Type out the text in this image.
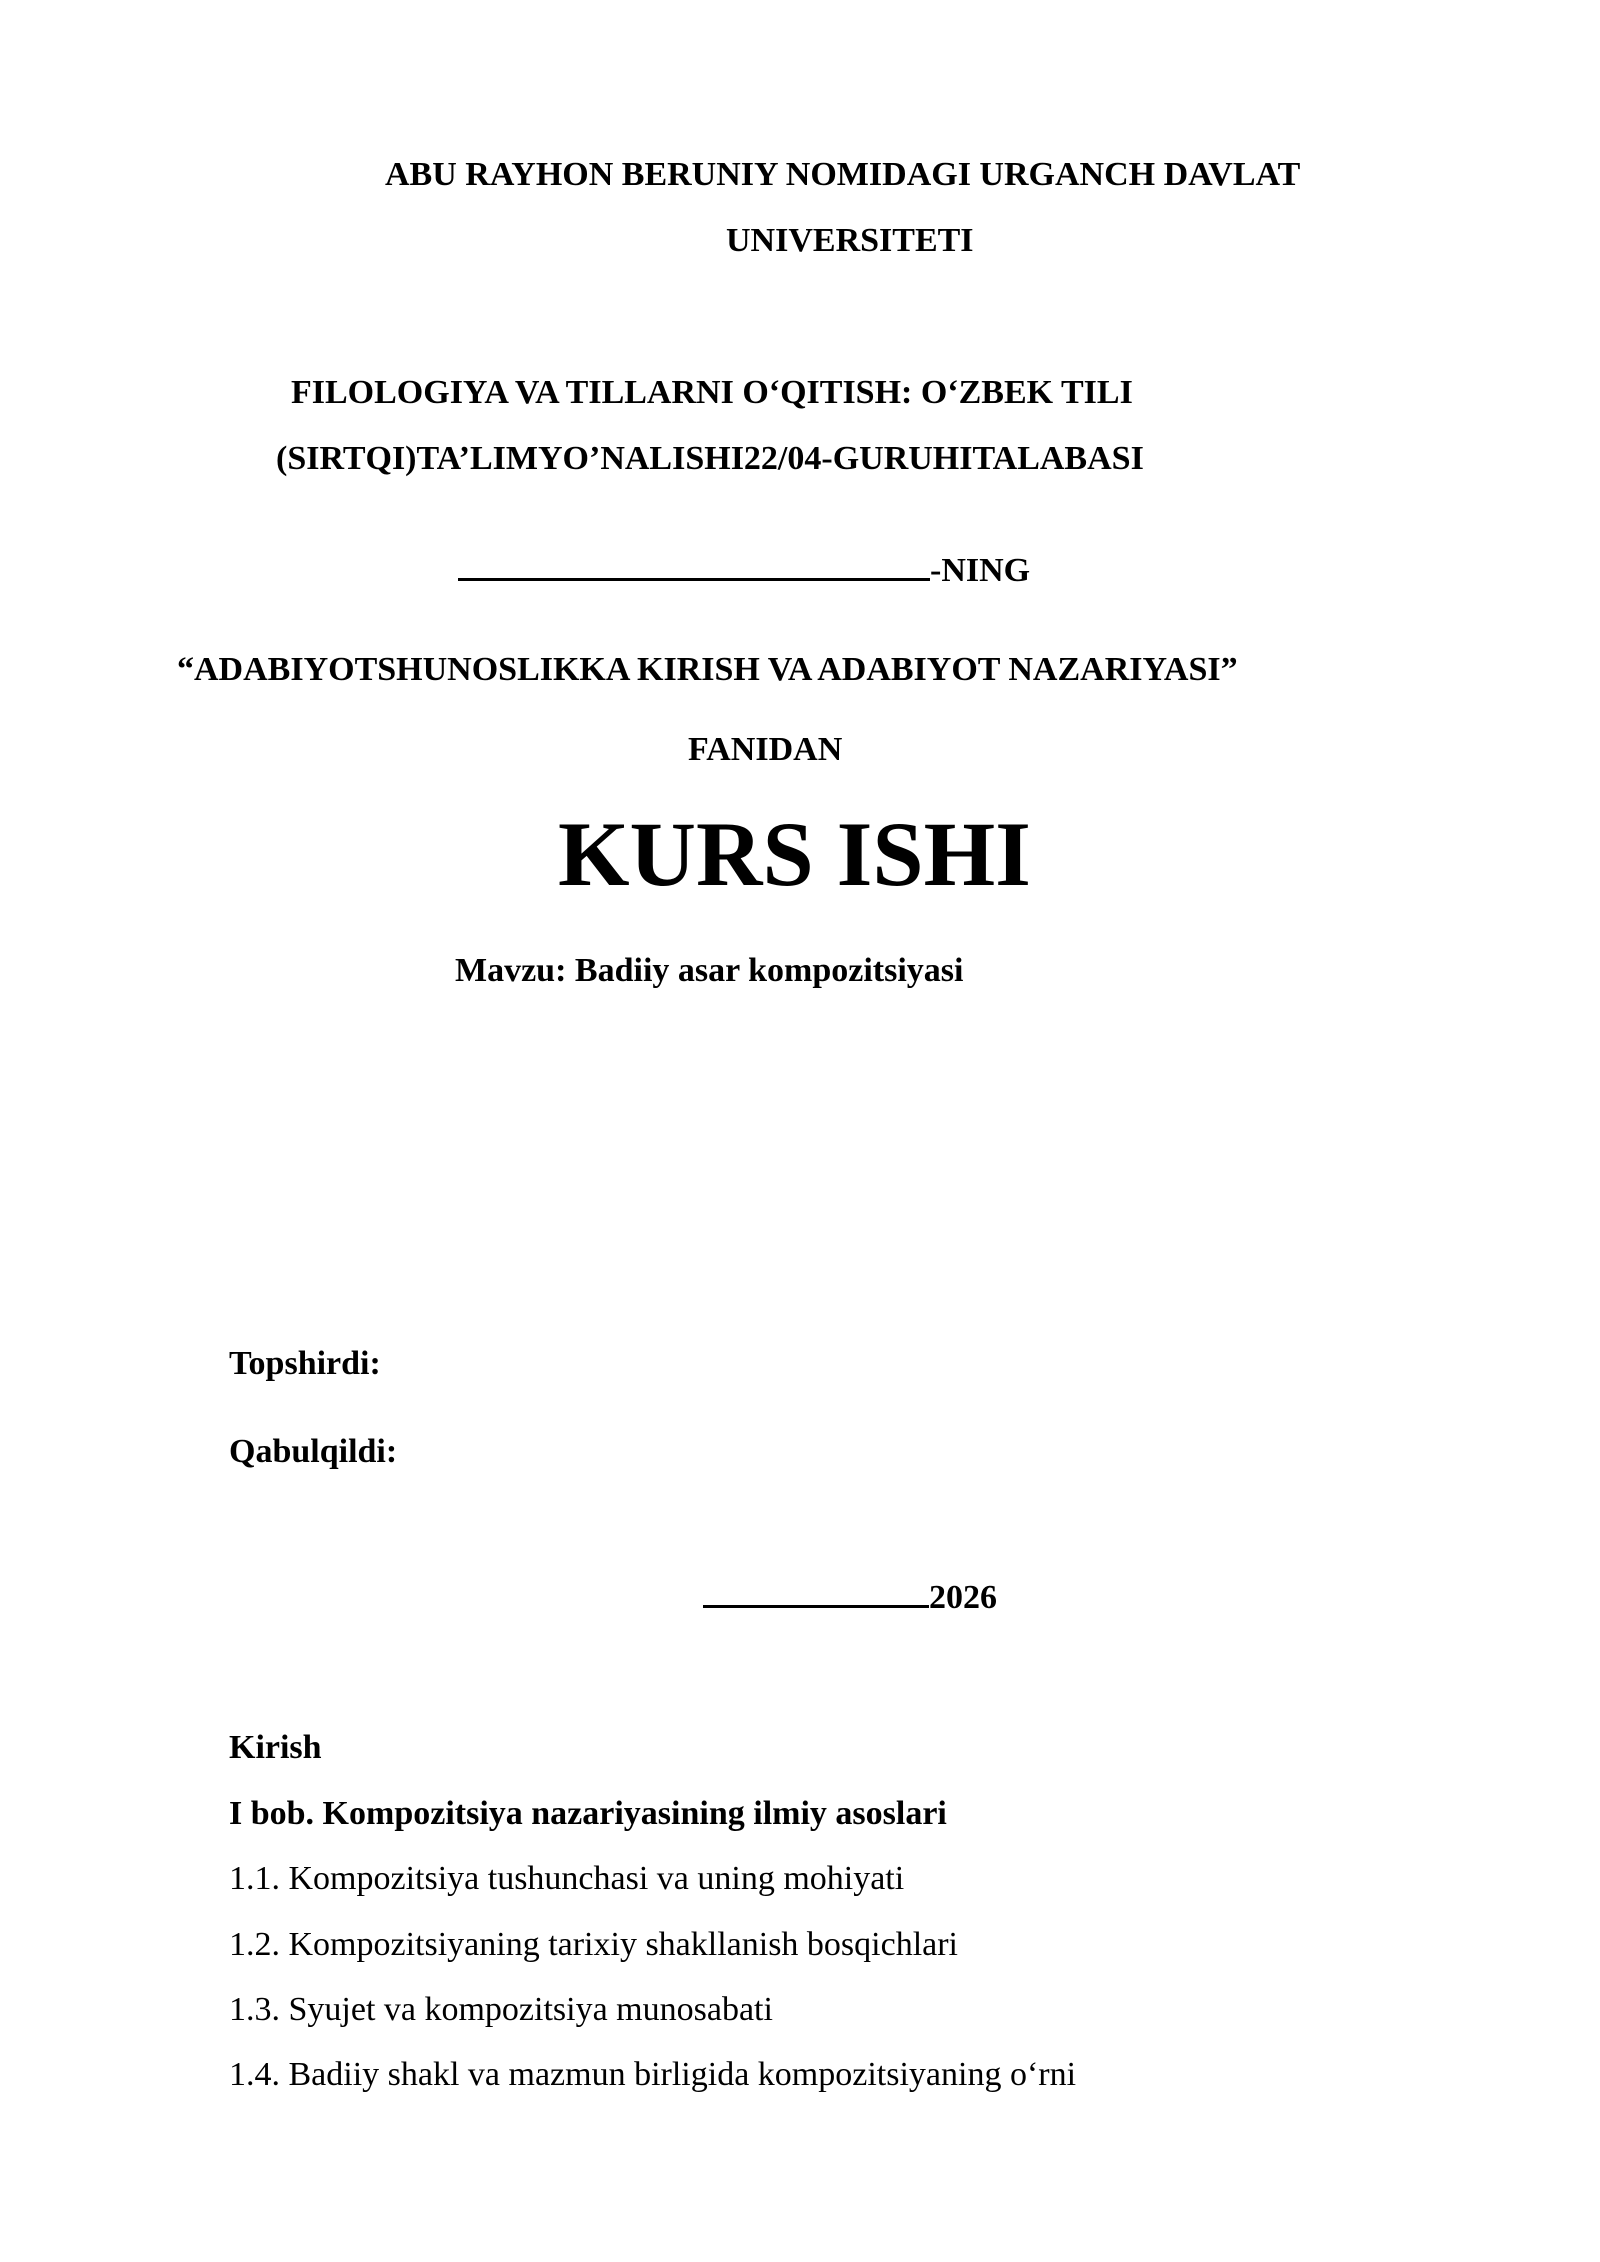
ABU RAYHON BERUNIY NOMIDAGI URGANCH DAVLAT
UNIVERSITETI
FILOLOGIYA VA TILLARNI O‘QITISH: O‘ZBEK TILI
(SIRTQI)TA’LIMYO’NALISHI22/04-GURUHITALABASI
-NING
“ADABIYOTSHUNOSLIKKA KIRISH VA ADABIYOT NAZARIYASI”
FANIDAN
KURS ISHI
Mavzu: Badiiy asar kompozitsiyasi
Topshirdi:
Qabulqildi:
2026
Kirish
I bob. Kompozitsiya nazariyasining ilmiy asoslari
1.1. Kompozitsiya tushunchasi va uning mohiyati
1.2. Kompozitsiyaning tarixiy shakllanish bosqichlari
1.3. Syujet va kompozitsiya munosabati
1.4. Badiiy shakl va mazmun birligida kompozitsiyaning o‘rni
